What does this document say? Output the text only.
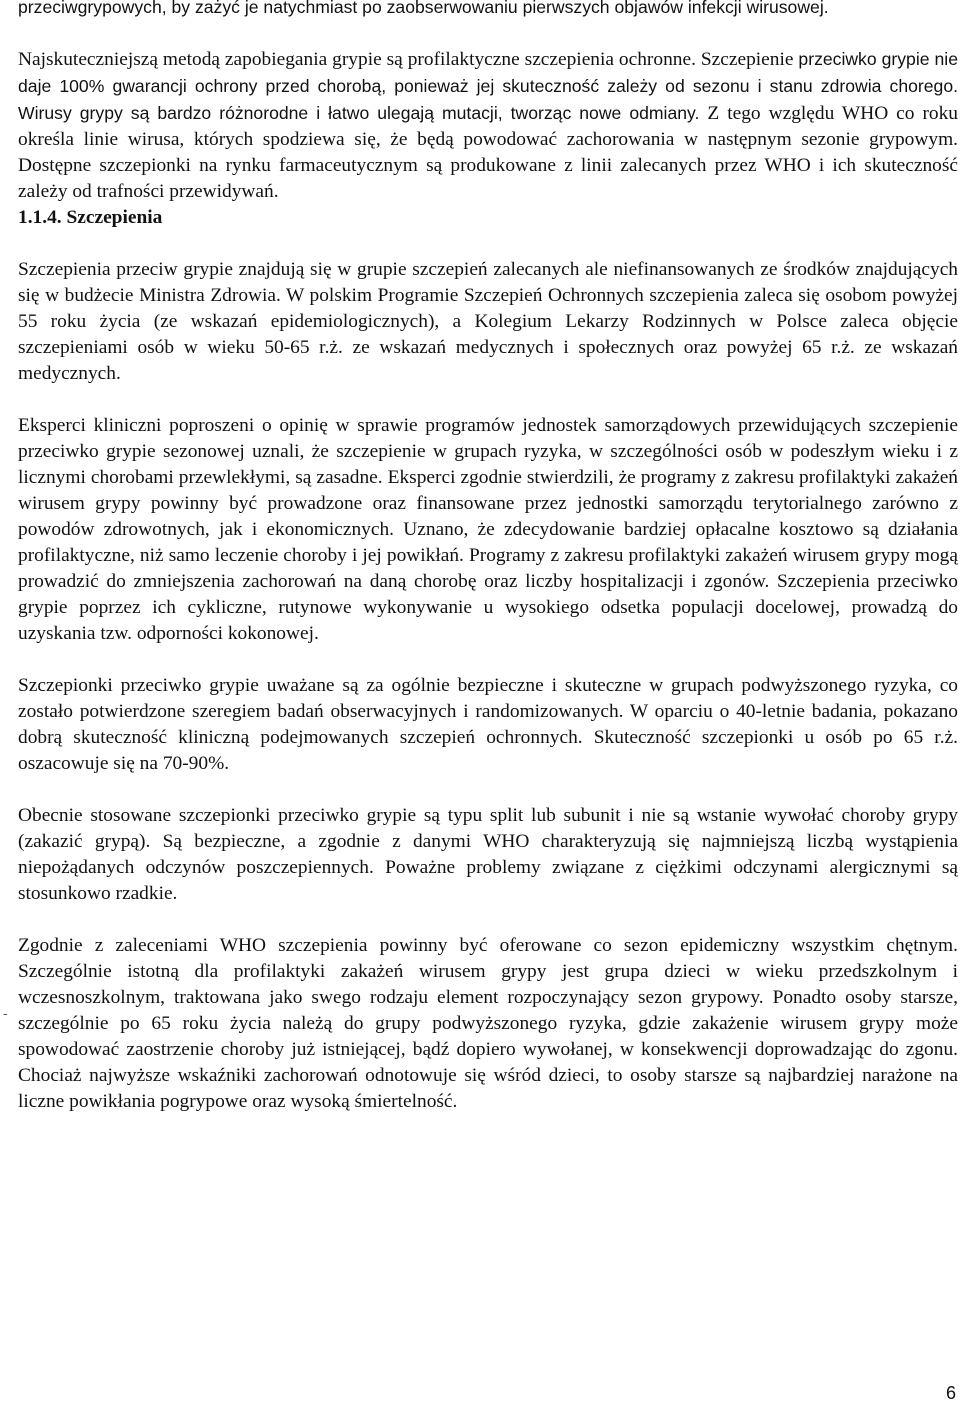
przeciwgrypowych, by zażyć je natychmiast po zaobserwowaniu pierwszych objawów infekcji wirusowej.

Najskuteczniejszą metodą zapobiegania grypie są profilaktyczne szczepienia ochronne. Szczepienie przeciwko grypie nie daje 100% gwarancji ochrony przed chorobą, ponieważ jej skuteczność zależy od sezonu i stanu zdrowia chorego. Wirusy grypy są bardzo różnorodne i łatwo ulegają mutacji, tworząc nowe odmiany. Z tego względu WHO co roku określa linie wirusa, których spodziewa się, że będą powodować zachorowania w następnym sezonie grypowym. Dostępne szczepionki na rynku farmaceutycznym są produkowane z linii zalecanych przez WHO i ich skuteczność zależy od trafności przewidywań.

1.1.4. Szczepienia

Szczepienia przeciw grypie znajdują się w grupie szczepień zalecanych ale niefinansowanych ze środków znajdujących się w budżecie Ministra Zdrowia. W polskim Programie Szczepień Ochronnych szczepienia zaleca się osobom powyżej 55 roku życia (ze wskazań epidemiologicznych), a Kolegium Lekarzy Rodzinnych w Polsce zaleca objęcie szczepieniami osób w wieku 50-65 r.ż. ze wskazań medycznych i społecznych oraz powyżej 65 r.ż. ze wskazań medycznych.

Eksperci kliniczni poproszeni o opinię w sprawie programów jednostek samorządowych przewidujących szczepienie przeciwko grypie sezonowej uznali, że szczepienie w grupach ryzyka, w szczególności osób w podeszłym wieku i z licznymi chorobami przewlekłymi, są zasadne. Eksperci zgodnie stwierdzili, że programy z zakresu profilaktyki zakażeń wirusem grypy powinny być prowadzone oraz finansowane przez jednostki samorządu terytorialnego zarówno z powodów zdrowotnych, jak i ekonomicznych. Uznano, że zdecydowanie bardziej opłacalne kosztowo są działania profilaktyczne, niż samo leczenie choroby i jej powikłań. Programy z zakresu profilaktyki zakażeń wirusem grypy mogą prowadzić do zmniejszenia zachorowań na daną chorobę oraz liczby hospitalizacji i zgonów. Szczepienia przeciwko grypie poprzez ich cykliczne, rutynowe wykonywanie u wysokiego odsetka populacji docelowej, prowadzą do uzyskania tzw. odporności kokonowej.

Szczepionki przeciwko grypie uważane są za ogólnie bezpieczne i skuteczne w grupach podwyższonego ryzyka, co zostało potwierdzone szeregiem badań obserwacyjnych i randomizowanych. W oparciu o 40-letnie badania, pokazano dobrą skuteczność kliniczną podejmowanych szczepień ochronnych. Skuteczność szczepionki u osób po 65 r.ż. oszacowuje się na 70-90%.

Obecnie stosowane szczepionki przeciwko grypie są typu split lub subunit i nie są wstanie wywołać choroby grypy (zakazić grypą). Są bezpieczne, a zgodnie z danymi WHO charakteryzują się najmniejszą liczbą wystąpienia niepożądanych odczynów poszczepiennych. Poważne problemy związane z ciężkimi odczynami alergicznymi są stosunkowo rzadkie.

Zgodnie z zaleceniami WHO szczepienia powinny być oferowane co sezon epidemiczny wszystkim chętnym. Szczególnie istotną dla profilaktyki zakażeń wirusem grypy jest grupa dzieci w wieku przedszkolnym i wczesnoszkolnym, traktowana jako swego rodzaju element rozpoczynający sezon grypowy. Ponadto osoby starsze, szczególnie po 65 roku życia należą do grupy podwyższonego ryzyka, gdzie zakażenie wirusem grypy może spowodować zaostrzenie choroby już istniejącej, bądź dopiero wywołanej, w konsekwencji doprowadzając do zgonu. Chociaż najwyższe wskaźniki zachorowań odnotowuje się wśród dzieci, to osoby starsze są najbardziej narażone na liczne powikłania pogrypowe oraz wysoką śmiertelność.

-
6
